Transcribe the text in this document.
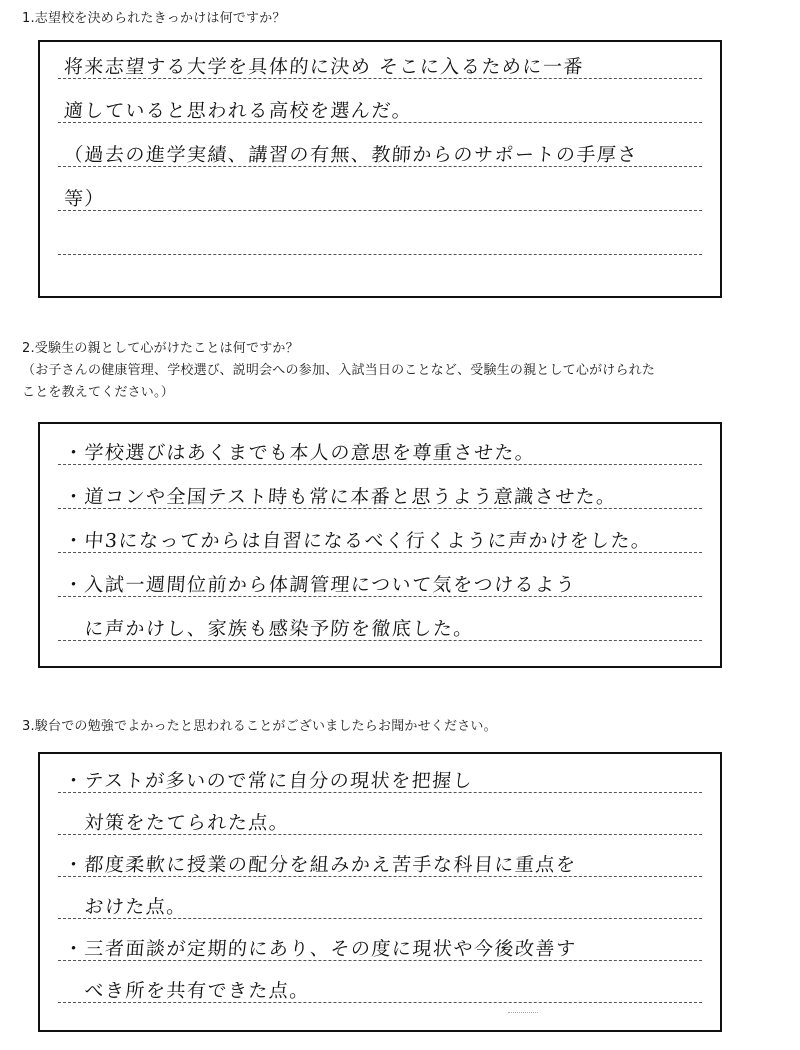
1.志望校を決められたきっかけは何ですか？
将来志望する大学を具体的に決め そこに入るために一番
適していると思われる高校を選んだ。
（過去の進学実績、講習の有無、教師からのサポートの手厚さ
等）
2.受験生の親として心がけたことは何ですか？
（お子さんの健康管理、学校選び、説明会への参加、入試当日のことなど、受験生の親として心がけられた
ことを教えてください。）
・学校選びはあくまでも本人の意思を尊重させた。
・道コンや全国テスト時も常に本番と思うよう意識させた。
・中3になってからは自習になるべく行くように声かけをした。
・入試一週間位前から体調管理について気をつけるよう
　に声かけし、家族も感染予防を徹底した。
3.駿台での勉強でよかったと思われることがございましたらお聞かせください。
・テストが多いので常に自分の現状を把握し
　対策をたてられた点。
・都度柔軟に授業の配分を組みかえ苦手な科目に重点を
　おけた点。
・三者面談が定期的にあり、その度に現状や今後改善す
　べき所を共有できた点。
